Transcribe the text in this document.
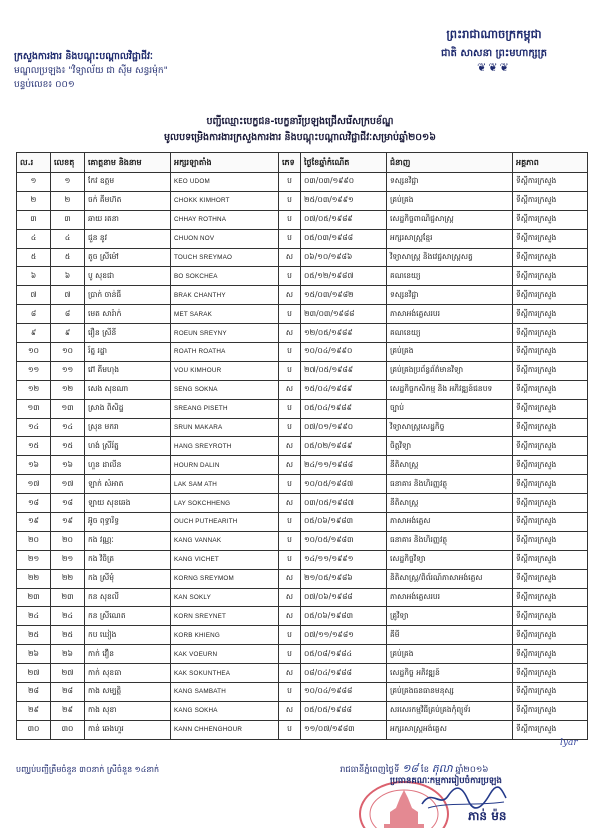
ព្រះរាជាណាចក្រកម្ពុជា
ជាតិ សាសនា ព្រះមហាក្សត្រ
❦❦❦
ក្រសួងការងារ និងបណ្តុះបណ្តាលវិជ្ជាជីវៈ
មណ្ឌលប្រឡង៖ "វិទ្យាល័យ ជា ស៊ីម សន្ធរម៉ុក"
បន្ទប់លេខ៖ ០០១
បញ្ជីឈ្មោះបេក្ខជន-បេក្ខនារីប្រឡងជ្រើសរើសក្របខ័ណ្ឌ
មូលបទម្រេិងការងារក្រសួងការងារ និងបណ្តុះបណ្តាលវិជ្ជាជីវៈសម្រាប់ឆ្នាំ២០១៦
ល.រ	លេខតុ	គោត្តនាម និងនាម	អក្សរឡាតាំង	ភេទ	ថ្ងៃខែឆ្នាំកំណើត	ជំនាញ	អគ្គភាព
១	១	កែវ ឧត្តម	KEO UDOM	ប	០៣/០៣/១៩៩០	ទស្សនវិជ្ជា	ទីស្តីការក្រសួង
២	២	ចក់ គីមហ៊ត	CHOKK KIMHORT	ប	២៥/០៣/១៩៩១	គ្រប់គ្រង	ទីស្តីការក្រសួង
៣	៣	ឆាយ រតនា	CHHAY ROTHNA	ប	០៧/០៥/១៩៨៩	សេដ្ឋកិច្ចពាណិជ្ជសាស្ត្រ	ទីស្តីការក្រសួង
៤	៤	ជួន នូវ	CHUON NOV	ប	០៥/០៣/១៩៨៨	អក្សរសាស្ត្រខ្មែរ	ទីស្តីការក្រសួង
៥	៥	តូច ស្រីម៉ៅ	TOUCH SREYMAO	ស	០៦/១០/១៩៨៦	វិទ្យាសាស្ត្រ និងវេជ្ជសាស្ត្រសត្វ	ទីស្តីការក្រសួង
៦	៦	បូ សុខជា	BO SOKCHEA	ប	០៥/១២/១៩៨៧	គណនេយ្យ	ទីស្តីការក្រសួង
៧	៧	ប្រាក់ ចាន់ធី	BRAK CHANTHY	ស	១៥/០៣/១៩៨២	ទស្សនវិជ្ជា	ទីស្តីការក្រសួង
៨	៨	មេត សារ៉ាក់	MET SARAK	ប	២៣/០៣/១៩៨៨	ភាសាអង់គ្លេសរបរ	ទីស្តីការក្រសួង
៩	៩	រឿន ស្រីនី	ROEUN SREYNY	ស	១២/០៥/១៩៨៩	គណនេយ្យ	ទីស្តីការក្រសួង
១០	១០	រ័ត្ន រដ្ឋា	ROATH ROATHA	ប	១០/០៤/១៩៩០	គ្រប់គ្រង	ទីស្តីការក្រសួង
១១	១១	វៅ គីមហុង	VOU KIMHOUR	ប	២៧/០៥/១៩៨៩	គ្រប់គ្រងប្រព័ន្ធព័ត៌មានវិទ្យា	ទីស្តីការក្រសួង
១២	១២	សេង សុខណា	SENG SOKNA	ស	១៥/០៤/១៩៨៩	សេដ្ឋកិច្ចកសិកម្ម និង អភិវឌ្ឍន៍ជនបទ	ទីស្តីការក្រសួង
១៣	១៣	ស្រាង ពិសិដ្ឋ	SREANG PISETH	ប	០៥/០៤/១៩៨៩	ច្បាប់	ទីស្តីការក្រសួង
១៤	១៤	ស្រុន មករា	SRUN MAKARA	ប	០៧/០១/១៩៩០	វិទ្យាសាស្ត្រសេដ្ឋកិច្ច	ទីស្តីការក្រសួង
១៥	១៥	ហង់ ស្រីរ័ត្ន	HANG SREYROTH	ស	០៥/០២/១៩៨៩	ចិត្តវិទ្យា	ទីស្តីការក្រសួង
១៦	១៦	ហួន ដាលីន	HOURN DALIN	ស	២៤/១១/១៩៨៨	នីតិសាស្ត្រ	ទីស្តីការក្រសួង
១៧	១៧	ឡាក់ សំអាត	LAK SAM ATH	ប	១០/០៥/១៩៨៧	ធនាគារ និងហិរញ្ញវត្ថុ	ទីស្តីការក្រសួង
១៨	១៨	ឡាយ សុខឆេង	LAY SOKCHHENG	ស	០៣/០៥/១៩៨៧	នីតិសាស្ត្រ	ទីស្តីការក្រសួង
១៩	១៩	អ៊ូច ពុទ្ធារិទ្ធ	OUCH PUTHEARITH	ប	០៥/០៦/១៩៨៣	ភាសាអង់គ្លេស	ទីស្តីការក្រសួង
២០	២០	កង វណ្ណៈ	KANG VANNAK	ប	១០/០៥/១៩៨៣	ធនាគារ និងហិរញ្ញវត្ថុ	ទីស្តីការក្រសួង
២១	២១	កង វិចិត្រ	KANG VICHET	ប	១៤/១១/១៩៩១	សេដ្ឋកិច្ចវិទ្យា	ទីស្តីការក្រសួង
២២	២២	កង ស្រីមុំ	KORNG SREYMOM	ស	២១/០៥/១៩៨៦	និតិសាស្ត្រ/ពិព័រណ៍ភាសាអង់គ្លេស	ទីស្តីការក្រសួង
២៣	២៣	កន សុខលី	KAN SOKLY	ស	០៧/០៦/១៩៨៨	ភាសាអង់គ្លេសរបរ	ទីស្តីការក្រសួង
២៤	២៤	កន ស្រីណេត	KORN SREYNET	ស	០៥/០៦/១៩៨៣	គ្រូវិទ្យា	ទីស្តីការក្រសួង
២៥	២៥	កប ឃៀង	KORB KHIENG	ប	០៧/១១/១៩៨១	គីមី	ទីស្តីការក្រសួង
២៦	២៦	កាក់ វឿន	KAK VOEURN	ប	០៥/០៨/១៩៨៤	គ្រប់គ្រង	ទីស្តីការក្រសួង
២៧	២៧	កាក់ សុខធា	KAK SOKUNTHEA	ស	០៨/០៤/១៩៨៨	សេដ្ឋកិច្ច អភិវឌ្ឍន៍	ទីស្តីការក្រសួង
២៨	២៨	កាង សម្បត្តិ	KANG SAMBATH	ប	១០/០៤/១៩៨៨	គ្រប់គ្រងធនធានមនុស្ស	ទីស្តីការក្រសួង
២៩	២៩	កាង សុខា	KANG SOKHA	ស	០៥/០៥/១៩៨៨	សរសេរកម្មវិធីគ្រប់គ្រងកុំព្យូទ័រ	ទីស្តីការក្រសួង
៣០	៣០	កាន់ ឆេងហួរ	KANN CHHENGHOUR	ប	១១/០៧/១៩៨៣	អក្សរសាស្ត្រអង់គ្លេស	ទីស្តីការក្រសួង
បញ្ឈប់បញ្ជីត្រឹមចំនួន ៣០នាក់ ស្រីចំនួន ១៤នាក់	រាជធានីភ្នំពេញថ្ងៃទី ១៨ ខែ តុលា ឆ្នាំ២០១៦
lyar
ប្រធានគណៈកម្មការរៀបចំការប្រឡង
ភាន់ ម៉ន
